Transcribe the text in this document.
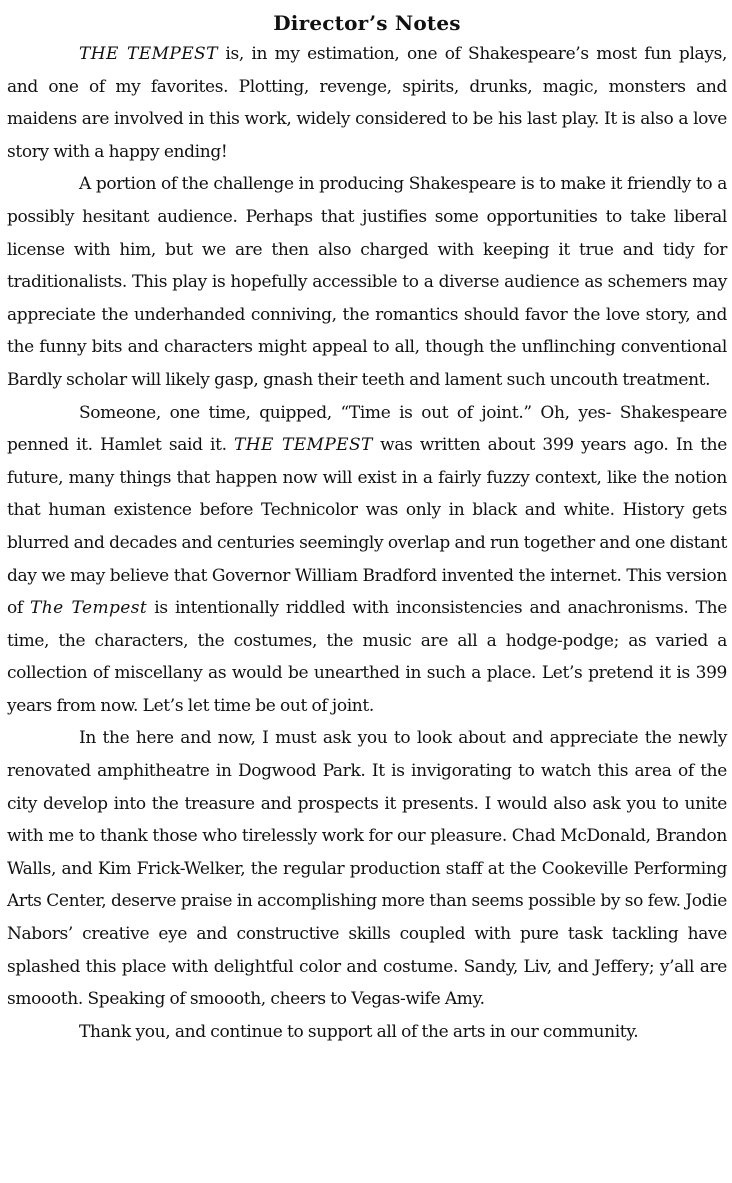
Director’s Notes

THE TEMPEST is, in my estimation, one of Shakespeare’s most fun plays, and one of my favorites. Plotting, revenge, spirits, drunks, magic, monsters and maidens are involved in this work, widely considered to be his last play. It is also a love story with a happy ending!

A portion of the challenge in producing Shakespeare is to make it friendly to a possibly hesitant audience. Perhaps that justifies some opportunities to take liberal license with him, but we are then also charged with keeping it true and tidy for traditionalists. This play is hopefully accessible to a diverse audience as schemers may appreciate the underhanded conniving, the romantics should favor the love story, and the funny bits and characters might appeal to all, though the unflinching conventional Bardly scholar will likely gasp, gnash their teeth and lament such uncouth treatment.

Someone, one time, quipped, “Time is out of joint.” Oh, yes- Shakespeare penned it. Hamlet said it. THE TEMPEST was written about 399 years ago. In the future, many things that happen now will exist in a fairly fuzzy context, like the notion that human existence before Technicolor was only in black and white. History gets blurred and decades and centuries seemingly overlap and run together and one distant day we may believe that Governor William Bradford invented the internet. This version of The Tempest is intentionally riddled with inconsistencies and anachronisms. The time, the characters, the costumes, the music are all a hodge-podge; as varied a collection of miscellany as would be unearthed in such a place. Let’s pretend it is 399 years from now. Let’s let time be out of joint.

In the here and now, I must ask you to look about and appreciate the newly renovated amphitheatre in Dogwood Park. It is invigorating to watch this area of the city develop into the treasure and prospects it presents. I would also ask you to unite with me to thank those who tirelessly work for our pleasure. Chad McDonald, Brandon Walls, and Kim Frick-Welker, the regular production staff at the Cookeville Performing Arts Center, deserve praise in accomplishing more than seems possible by so few. Jodie Nabors’ creative eye and constructive skills coupled with pure task tackling have splashed this place with delightful color and costume. Sandy, Liv, and Jeffery; y’all are smoooth. Speaking of smoooth, cheers to Vegas-wife Amy.

Thank you, and continue to support all of the arts in our community.
